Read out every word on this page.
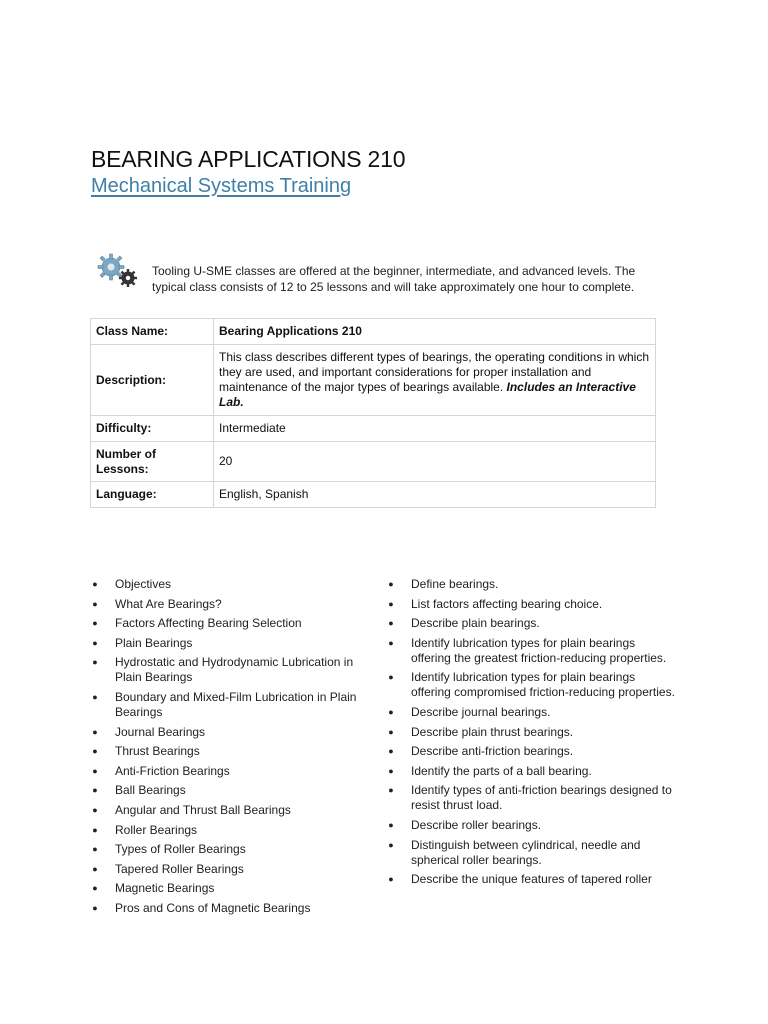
BEARING APPLICATIONS 210
Mechanical Systems Training

Tooling U-SME classes are offered at the beginner, intermediate, and advanced levels. The typical class consists of 12 to 25 lessons and will take approximately one hour to complete.

Class Name:	Bearing Applications 210
Description:	This class describes different types of bearings, the operating conditions in which they are used, and important considerations for proper installation and maintenance of the major types of bearings available. Includes an Interactive Lab.
Difficulty:	Intermediate
Number of Lessons:	20
Language:	English, Spanish
● Objectives
● What Are Bearings?
● Factors Affecting Bearing Selection
● Plain Bearings
● Hydrostatic and Hydrodynamic Lubrication in Plain Bearings
● Boundary and Mixed-Film Lubrication in Plain Bearings
● Journal Bearings
● Thrust Bearings
● Anti-Friction Bearings
● Ball Bearings
● Angular and Thrust Ball Bearings
● Roller Bearings
● Types of Roller Bearings
● Tapered Roller Bearings
● Magnetic Bearings
● Pros and Cons of Magnetic Bearings
● Define bearings.
● List factors affecting bearing choice.
● Describe plain bearings.
● Identify lubrication types for plain bearings offering the greatest friction-reducing properties.
● Identify lubrication types for plain bearings offering compromised friction-reducing properties.
● Describe journal bearings.
● Describe plain thrust bearings.
● Describe anti-friction bearings.
● Identify the parts of a ball bearing.
● Identify types of anti-friction bearings designed to resist thrust load.
● Describe roller bearings.
● Distinguish between cylindrical, needle and spherical roller bearings.
● Describe the unique features of tapered roller
